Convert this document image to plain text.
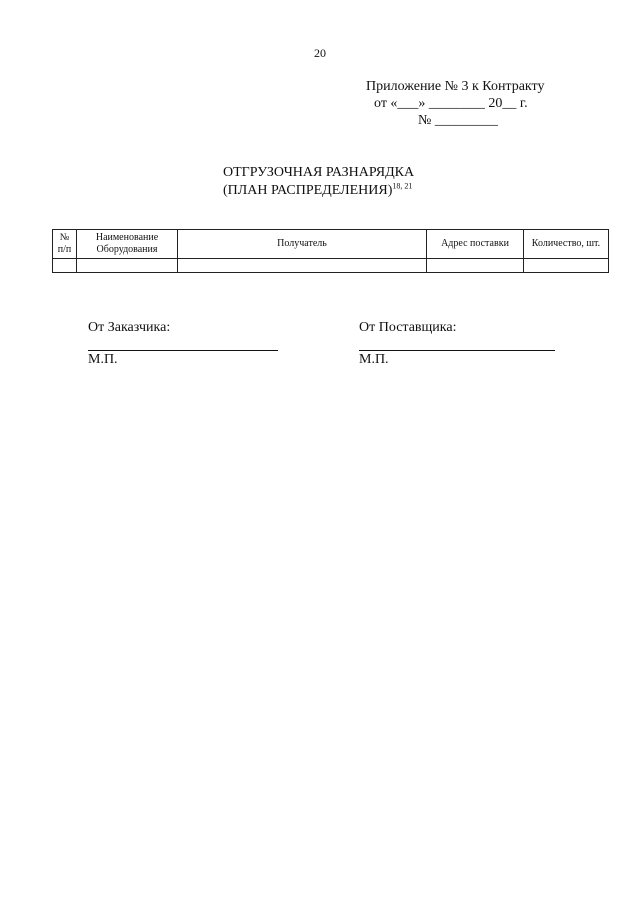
20
Приложение № 3 к Контракту
от «___» ________ 20__ г.
№ _________
ОТГРУЗОЧНАЯ РАЗНАРЯДКА
(ПЛАН РАСПРЕДЕЛЕНИЯ)$^{18, 21}$
№ п/п	Наименование Оборудования	Получатель	Адрес поставки	Количество, шт.

От Заказчика:
М.П.
От Поставщика:
М.П.
